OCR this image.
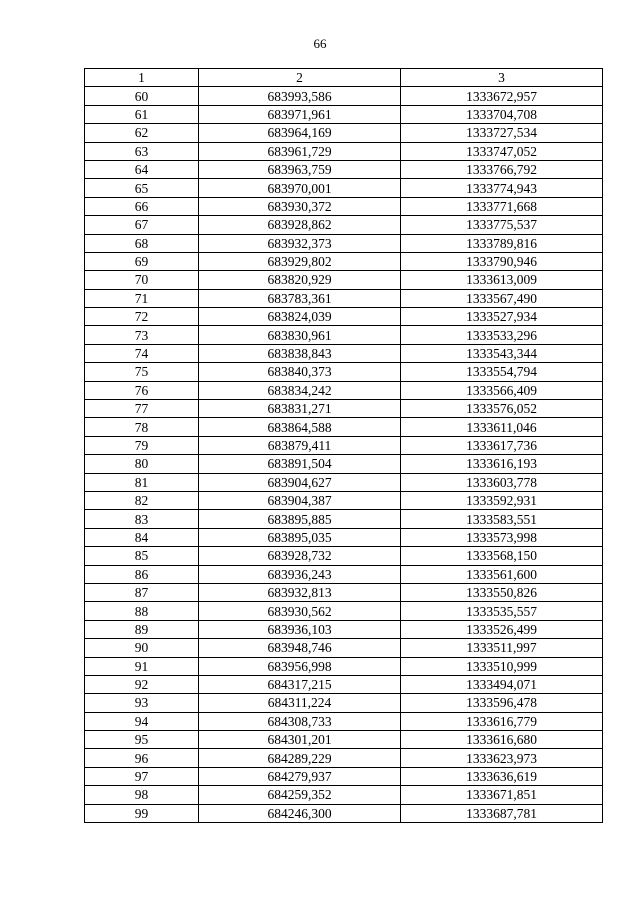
66
1	2	3
60	683993,586	1333672,957
61	683971,961	1333704,708
62	683964,169	1333727,534
63	683961,729	1333747,052
64	683963,759	1333766,792
65	683970,001	1333774,943
66	683930,372	1333771,668
67	683928,862	1333775,537
68	683932,373	1333789,816
69	683929,802	1333790,946
70	683820,929	1333613,009
71	683783,361	1333567,490
72	683824,039	1333527,934
73	683830,961	1333533,296
74	683838,843	1333543,344
75	683840,373	1333554,794
76	683834,242	1333566,409
77	683831,271	1333576,052
78	683864,588	1333611,046
79	683879,411	1333617,736
80	683891,504	1333616,193
81	683904,627	1333603,778
82	683904,387	1333592,931
83	683895,885	1333583,551
84	683895,035	1333573,998
85	683928,732	1333568,150
86	683936,243	1333561,600
87	683932,813	1333550,826
88	683930,562	1333535,557
89	683936,103	1333526,499
90	683948,746	1333511,997
91	683956,998	1333510,999
92	684317,215	1333494,071
93	684311,224	1333596,478
94	684308,733	1333616,779
95	684301,201	1333616,680
96	684289,229	1333623,973
97	684279,937	1333636,619
98	684259,352	1333671,851
99	684246,300	1333687,781
